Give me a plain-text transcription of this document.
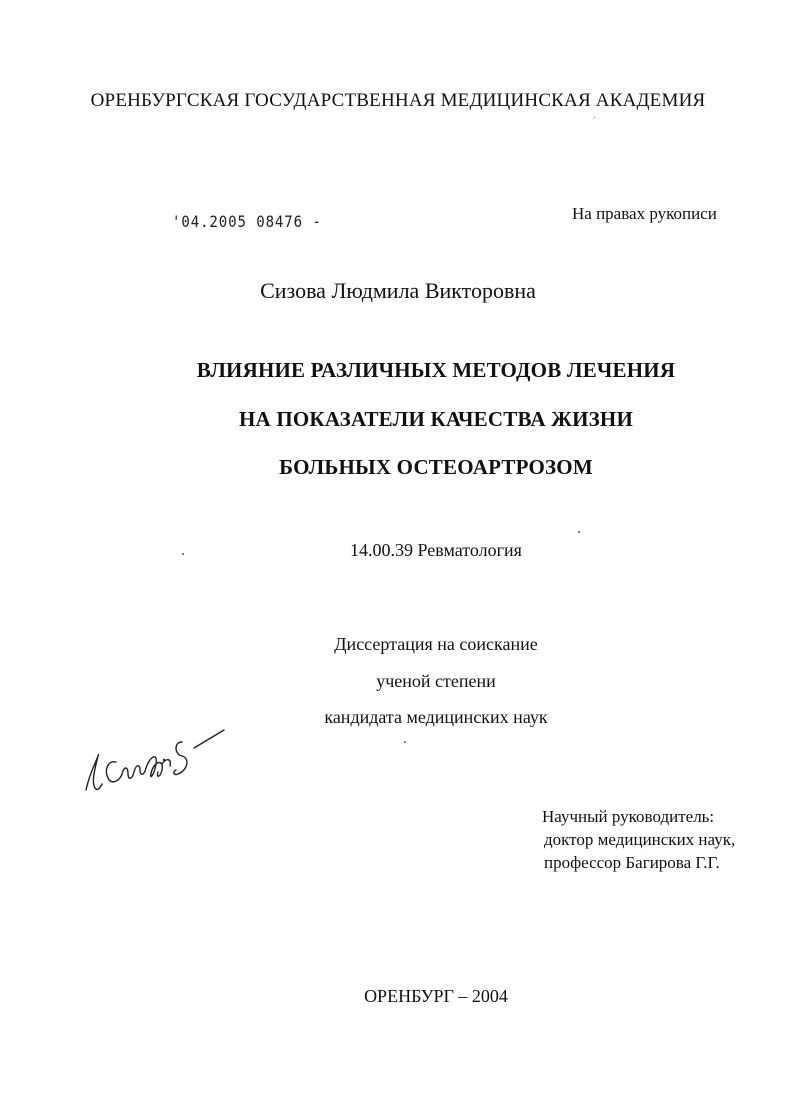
ОРЕНБУРГСКАЯ ГОСУДАРСТВЕННАЯ МЕДИЦИНСКАЯ АКАДЕМИЯ
'04.2005 08476 -	На правах рукописи
Сизова Людмила Викторовна
ВЛИЯНИЕ РАЗЛИЧНЫХ МЕТОДОВ ЛЕЧЕНИЯ
НА ПОКАЗАТЕЛИ КАЧЕСТВА ЖИЗНИ
БОЛЬНЫХ ОСТЕОАРТРОЗОМ
14.00.39 Ревматология
Диссертация на соискание
ученой степени
кандидата медицинских наук
Научный руководитель:
доктор медицинских наук,
профессор Багирова Г.Г.
ОРЕНБУРГ – 2004
